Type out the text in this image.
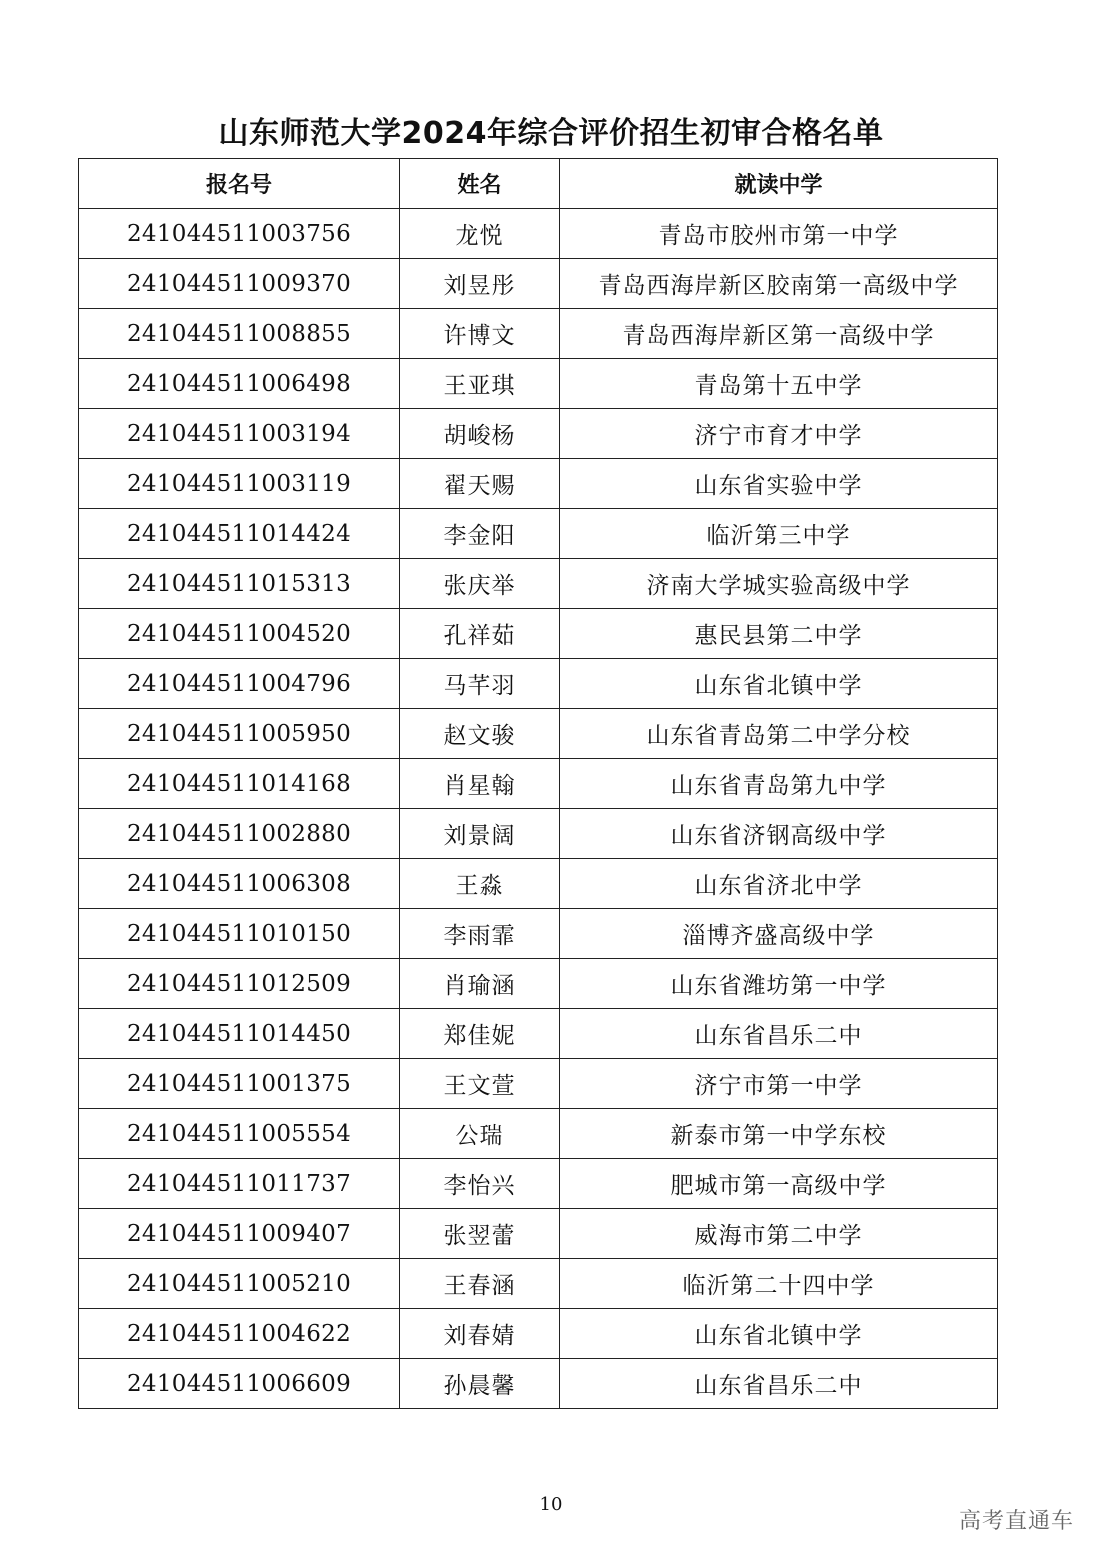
山东师范大学2024年综合评价招生初审合格名单
报名号	姓名	就读中学
241044511003756	龙悦	青岛市胶州市第一中学
241044511009370	刘昱彤	青岛西海岸新区胶南第一高级中学
241044511008855	许博文	青岛西海岸新区第一高级中学
241044511006498	王亚琪	青岛第十五中学
241044511003194	胡峻杨	济宁市育才中学
241044511003119	翟天赐	山东省实验中学
241044511014424	李金阳	临沂第三中学
241044511015313	张庆举	济南大学城实验高级中学
241044511004520	孔祥茹	惠民县第二中学
241044511004796	马芊羽	山东省北镇中学
241044511005950	赵文骏	山东省青岛第二中学分校
241044511014168	肖星翰	山东省青岛第九中学
241044511002880	刘景阔	山东省济钢高级中学
241044511006308	王淼	山东省济北中学
241044511010150	李雨霏	淄博齐盛高级中学
241044511012509	肖瑜涵	山东省潍坊第一中学
241044511014450	郑佳妮	山东省昌乐二中
241044511001375	王文萱	济宁市第一中学
241044511005554	公瑞	新泰市第一中学东校
241044511011737	李怡兴	肥城市第一高级中学
241044511009407	张翌蕾	威海市第二中学
241044511005210	王春涵	临沂第二十四中学
241044511004622	刘春婧	山东省北镇中学
241044511006609	孙晨馨	山东省昌乐二中
10
高考直通车
